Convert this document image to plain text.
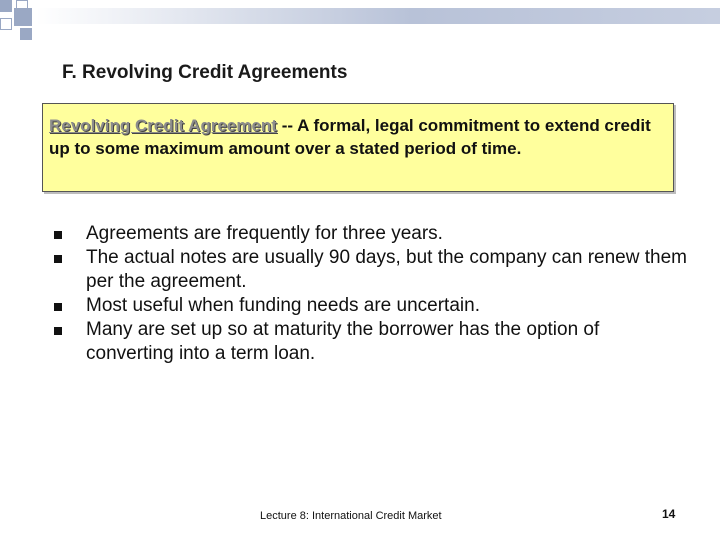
F. Revolving Credit Agreements
Revolving Credit Agreement -- A formal, legal commitment to extend credit up to some maximum amount over a stated period of time.
Agreements are frequently for three years.
The actual notes are usually 90 days, but the company can renew them per the agreement.
Most useful when funding needs are uncertain.
Many are set up so at maturity the borrower has the option of converting into a term loan.
Lecture 8: International Credit Market	14
